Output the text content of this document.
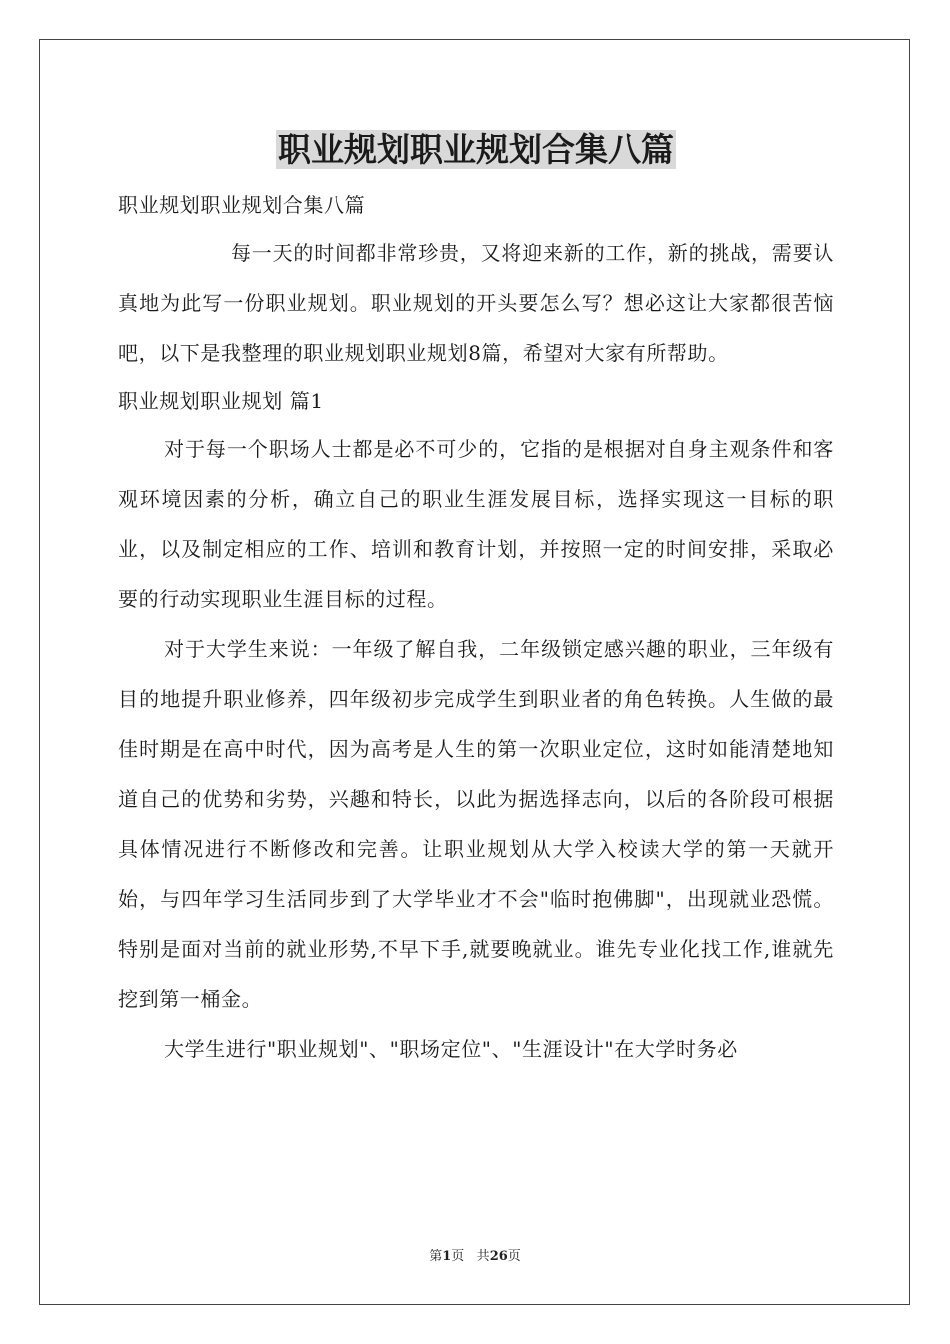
职业规划职业规划合集八篇

职业规划职业规划合集八篇

每一天的时间都非常珍贵，又将迎来新的工作，新的挑战，需要认真地为此写一份职业规划。职业规划的开头要怎么写？想必这让大家都很苦恼吧，以下是我整理的职业规划职业规划8篇，希望对大家有所帮助。

职业规划职业规划 篇1

对于每一个职场人士都是必不可少的，它指的是根据对自身主观条件和客观环境因素的分析，确立自己的职业生涯发展目标，选择实现这一目标的职业，以及制定相应的工作、培训和教育计划，并按照一定的时间安排，采取必要的行动实现职业生涯目标的过程。

对于大学生来说：一年级了解自我，二年级锁定感兴趣的职业，三年级有目的地提升职业修养，四年级初步完成学生到职业者的角色转换。人生做的最佳时期是在高中时代，因为高考是人生的第一次职业定位，这时如能清楚地知道自己的优势和劣势，兴趣和特长，以此为据选择志向，以后的各阶段可根据具体情况进行不断修改和完善。让职业规划从大学入校读大学的第一天就开始，与四年学习生活同步到了大学毕业才不会"临时抱佛脚"，出现就业恐慌。特别是面对当前的就业形势,不早下手,就要晚就业。谁先专业化找工作,谁就先挖到第一桶金。

大学生进行"职业规划"、"职场定位"、"生涯设计"在大学时务必

第1页 共26页
